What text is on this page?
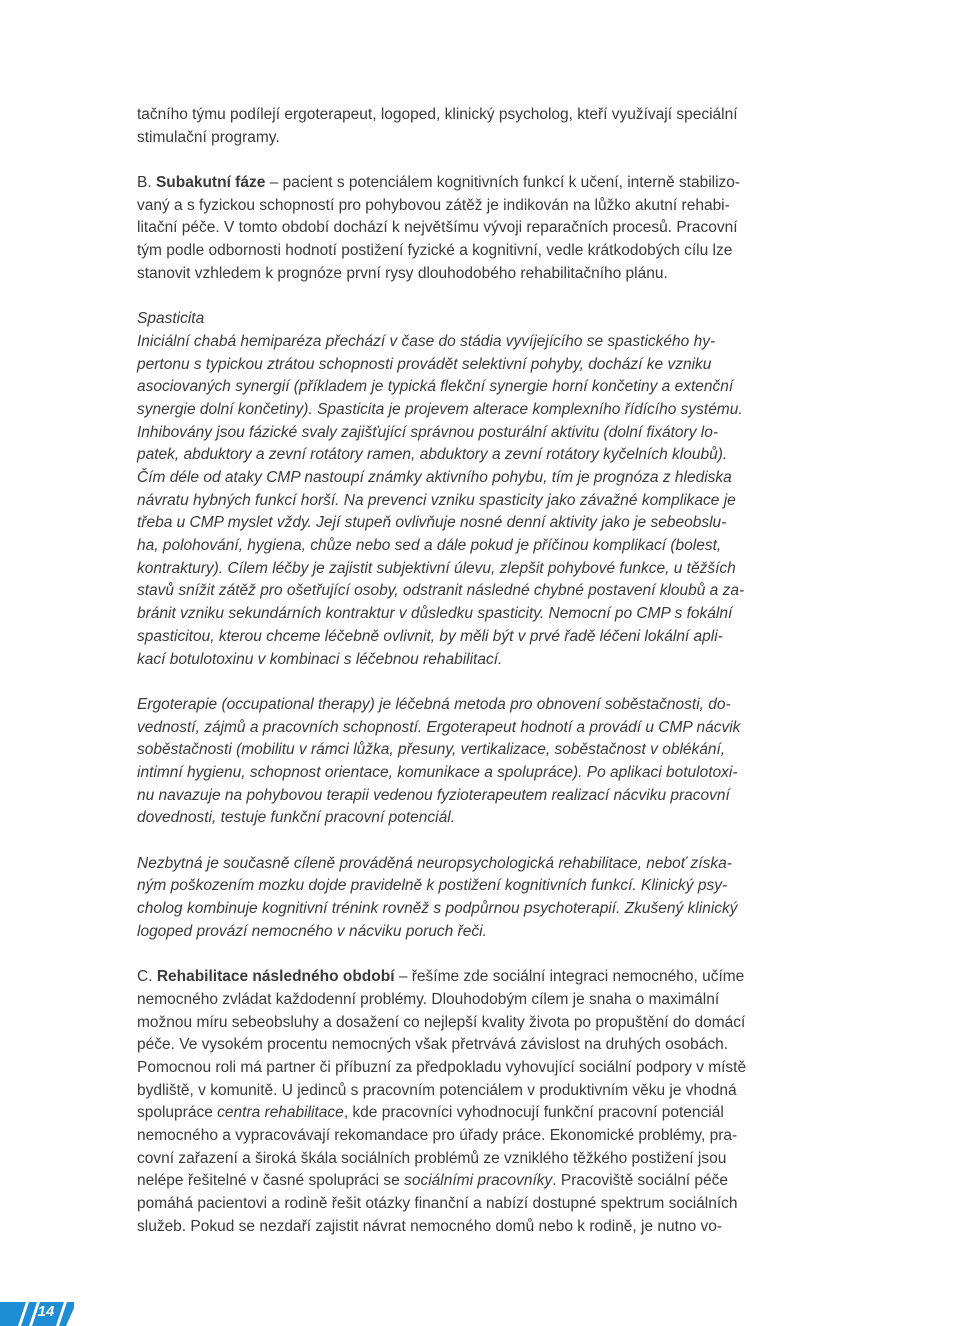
tačního týmu podílejí ergoterapeut, logoped, klinický psycholog, kteří využívají speciální
stimulační programy.
B. Subakutní fáze – pacient s potenciálem kognitivních funkcí k učení, interně stabilizo-
vaný a s fyzickou schopností pro pohybovou zátěž je indikován na lůžko akutní rehabi-
litační péče. V tomto období dochází k největšímu vývoji reparačních procesů. Pracovní
tým podle odbornosti hodnotí postižení fyzické a kognitivní, vedle krátkodobých cílu lze
stanovit vzhledem k prognóze první rysy dlouhodobého rehabilitačního plánu.
Spasticita
Iniciální chabá hemiparéza přechází v čase do stádia vyvíjejícího se spastického hy-
pertonu s typickou ztrátou schopnosti provádět selektivní pohyby, dochází ke vzniku
asociovaných synergií (příkladem je typická flekční synergie horní končetiny a extenční
synergie dolní končetiny). Spasticita je projevem alterace komplexního řídícího systému.
Inhibovány jsou fázické svaly zajišťující správnou posturální aktivitu (dolní fixátory lo-
patek, abduktory a zevní rotátory ramen, abduktory a zevní rotátory kyčelních kloubů).
Čím déle od ataky CMP nastoupí známky aktivního pohybu, tím je prognóza z hlediska
návratu hybných funkcí horší. Na prevenci vzniku spasticity jako závažné komplikace je
třeba u CMP myslet vždy. Její stupeň ovlivňuje nosné denní aktivity jako je sebeobslu-
ha, polohování, hygiena, chůze nebo sed a dále pokud je příčinou komplikací (bolest,
kontraktury). Cílem léčby je zajistit subjektivní úlevu, zlepšit pohybové funkce, u těžších
stavů snížit zátěž pro ošetřující osoby, odstranit následné chybné postavení kloubů a za-
bránit vzniku sekundárních kontraktur v důsledku spasticity. Nemocní po CMP s fokální
spasticitou, kterou chceme léčebně ovlivnit, by měli být v prvé řadě léčeni lokální apli-
kací botulotoxinu v kombinaci s léčebnou rehabilitací.
Ergoterapie (occupational therapy) je léčebná metoda pro obnovení soběstačnosti, do-
vedností, zájmů a pracovních schopností. Ergoterapeut hodnotí a provádí u CMP nácvik
soběstačnosti (mobilitu v rámci lůžka, přesuny, vertikalizace, soběstačnost v oblékání,
intimní hygienu, schopnost orientace, komunikace a spolupráce). Po aplikaci botulotoxi-
nu navazuje na pohybovou terapii vedenou fyzioterapeutem realizací nácviku pracovní
dovednosti, testuje funkční pracovní potenciál.
Nezbytná je současně cíleně prováděná neuropsychologická rehabilitace, neboť získa-
ným poškozením mozku dojde pravidelně k postižení kognitivních funkcí. Klinický psy-
cholog kombinuje kognitivní trénink rovněž s podpůrnou psychoterapií. Zkušený klinický
logoped provází nemocného v nácviku poruch řeči.
C. Rehabilitace následného období – řešíme zde sociální integraci nemocného, učíme
nemocného zvládat každodenní problémy. Dlouhodobým cílem je snaha o maximální
možnou míru sebeobsluhy a dosažení co nejlepší kvality života po propuštění do domácí
péče. Ve vysokém procentu nemocných však přetrvává závislost na druhých osobách.
Pomocnou roli má partner či příbuzní za předpokladu vyhovující sociální podpory v místě
bydliště, v komunitě. U jedinců s pracovním potenciálem v produktivním věku je vhodná
spolupráce centra rehabilitace, kde pracovníci vyhodnocují funkční pracovní potenciál
nemocného a vypracovávají rekomandace pro úřady práce. Ekonomické problémy, pra-
covní zařazení a široká škála sociálních problémů ze vzniklého těžkého postižení jsou
nelépe řešitelné v časné spolupráci se sociálními pracovníky. Pracoviště sociální péče
pomáhá pacientovi a rodině řešit otázky finanční a nabízí dostupné spektrum sociálních
služeb. Pokud se nezdaří zajistit návrat nemocného domů nebo k rodině, je nutno vo-
14
